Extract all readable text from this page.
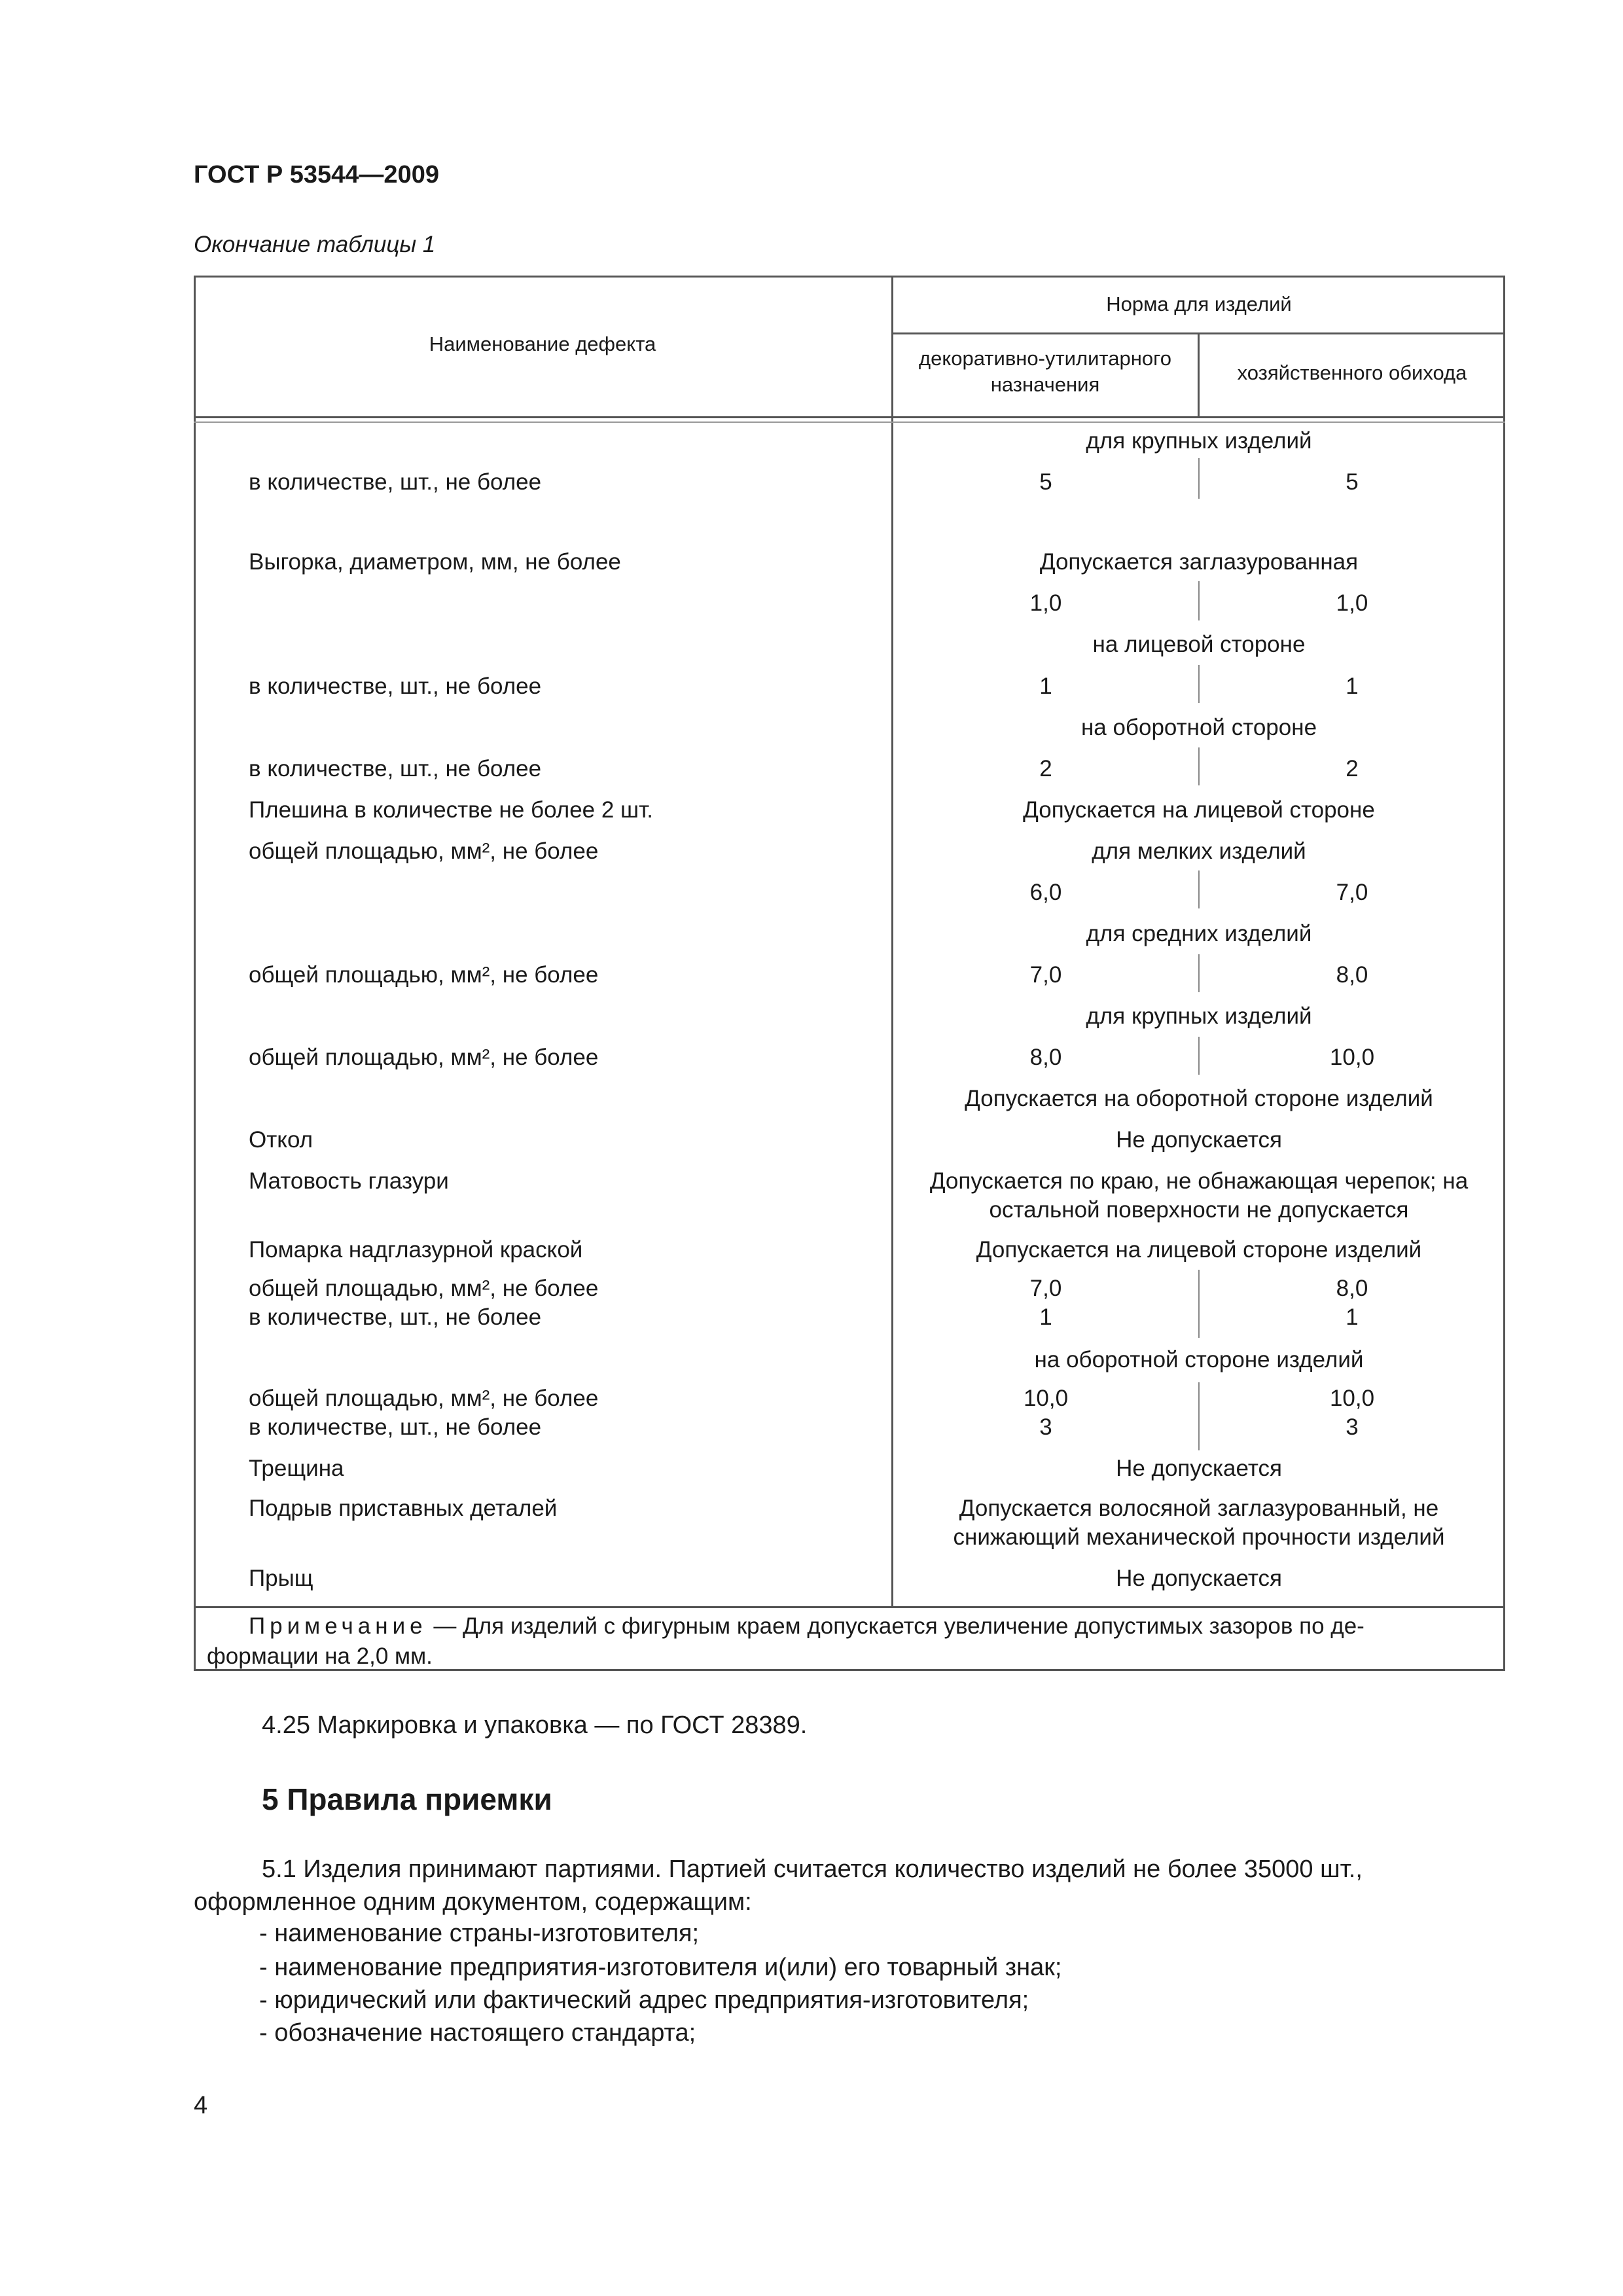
ГОСТ Р 53544—2009
Окончание таблицы 1
Наименование дефекта
Норма для изделий
декоративно-утилитарного назначения
хозяйственного обихода
для крупных изделий
в количестве, шт., не более	5	5
Выгорка, диаметром, мм, не более	Допускается заглазурованная
1,0	1,0
на лицевой стороне
в количестве, шт., не более	1	1
на оборотной стороне
в количестве, шт., не более	2	2
Плешина в количестве не более 2 шт.	Допускается на лицевой стороне
общей площадью, мм², не более	для мелких изделий
6,0	7,0
для средних изделий
общей площадью, мм², не более	7,0	8,0
для крупных изделий
общей площадью, мм², не более	8,0	10,0
Допускается на оборотной стороне изделий
Откол	Не допускается
Матовость глазури	Допускается по краю, не обнажающая черепок; на
остальной поверхности не допускается
Помарка надглазурной краской	Допускается на лицевой стороне изделий
общей площадью, мм², не более	7,0	8,0
в количестве, шт., не более	1	1
на оборотной стороне изделий
общей площадью, мм², не более	10,0	10,0
в количестве, шт., не более	3	3
Трещина	Не допускается
Подрыв приставных деталей	Допускается волосяной заглазурованный, не
снижающий механической прочности изделий
Прыщ	Не допускается
Примечание — Для изделий с фигурным краем допускается увеличение допустимых зазоров по де-
формации на 2,0 мм.
4.25 Маркировка и упаковка — по ГОСТ 28389.
5 Правила приемки
5.1 Изделия принимают партиями. Партией считается количество изделий не более 35000 шт.,
оформленное одним документом, содержащим:
- наименование страны-изготовителя;
- наименование предприятия-изготовителя и(или) его товарный знак;
- юридический или фактический адрес предприятия-изготовителя;
- обозначение настоящего стандарта;
4
